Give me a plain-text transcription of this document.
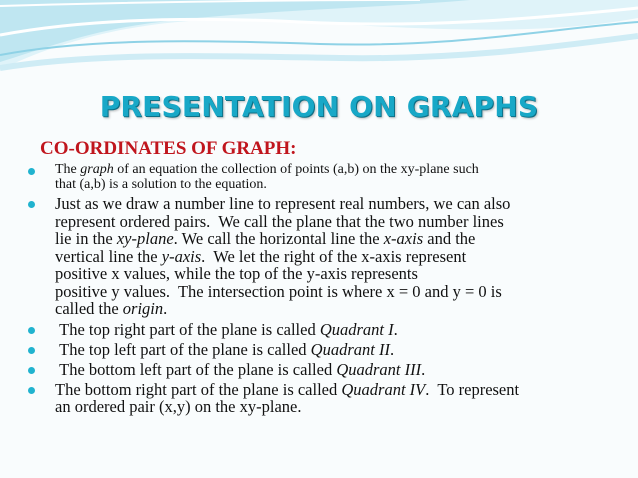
PRESENTATION ON GRAPHS
CO-ORDINATES OF GRAPH:
The graph of an equation the collection of points (a,b) on the xy-plane such
that (a,b) is a solution to the equation.
Just as we draw a number line to represent real numbers, we can also
represent ordered pairs.  We call the plane that the two number lines
lie in the xy-plane. We call the horizontal line the x-axis and the
vertical line the y-axis.  We let the right of the x-axis represent
positive x values, while the top of the y-axis represents
positive y values.  The intersection point is where x = 0 and y = 0 is
called the origin.
The top right part of the plane is called Quadrant I.
The top left part of the plane is called Quadrant II.
The bottom left part of the plane is called Quadrant III.
The bottom right part of the plane is called Quadrant IV.  To represent
an ordered pair (x,y) on the xy-plane.
